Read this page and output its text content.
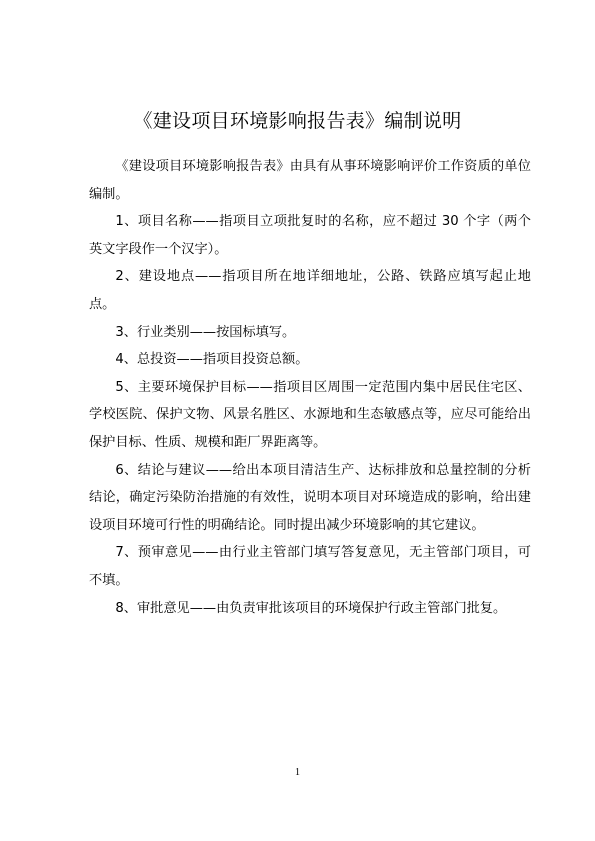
《建设项目环境影响报告表》编制说明

《建设项目环境影响报告表》由具有从事环境影响评价工作资质的单位编制。

1、项目名称——指项目立项批复时的名称，应不超过 30 个字（两个英文字段作一个汉字）。

2、建设地点——指项目所在地详细地址，公路、铁路应填写起止地点。

3、行业类别——按国标填写。

4、总投资——指项目投资总额。

5、主要环境保护目标——指项目区周围一定范围内集中居民住宅区、学校医院、保护文物、风景名胜区、水源地和生态敏感点等，应尽可能给出保护目标、性质、规模和距厂界距离等。

6、结论与建议——给出本项目清洁生产、达标排放和总量控制的分析结论，确定污染防治措施的有效性，说明本项目对环境造成的影响，给出建设项目环境可行性的明确结论。同时提出减少环境影响的其它建议。

7、预审意见——由行业主管部门填写答复意见，无主管部门项目，可不填。

8、审批意见——由负责审批该项目的环境保护行政主管部门批复。

1
